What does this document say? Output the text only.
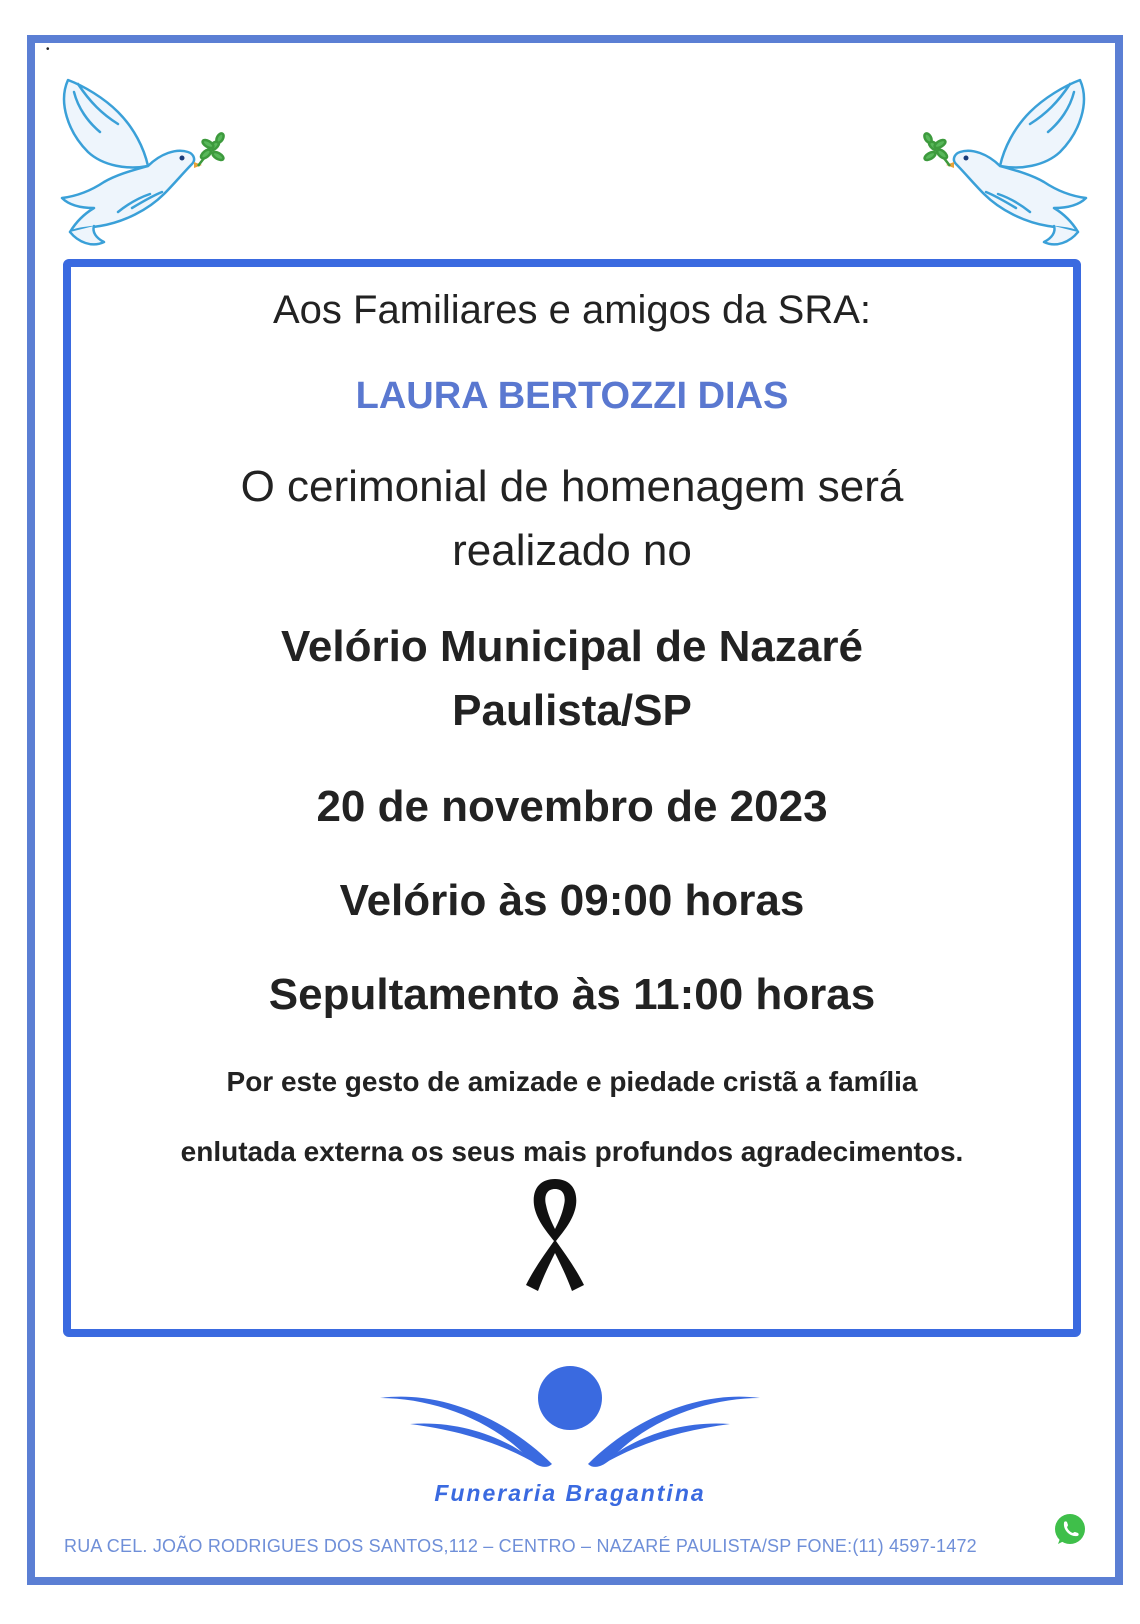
•
Aos Familiares e amigos da SRA:
LAURA BERTOZZI DIAS
O cerimonial de homenagem será
realizado no
Velório Municipal de Nazaré
Paulista/SP
20 de novembro de 2023
Velório às 09:00 horas
Sepultamento às 11:00 horas
Por este gesto de amizade e piedade cristã a família
enlutada externa os seus mais profundos agradecimentos.
Funeraria Bragantina
RUA CEL. JOÃO RODRIGUES DOS SANTOS,112 – CENTRO – NAZARÉ PAULISTA/SP FONE:(11) 4597-1472
